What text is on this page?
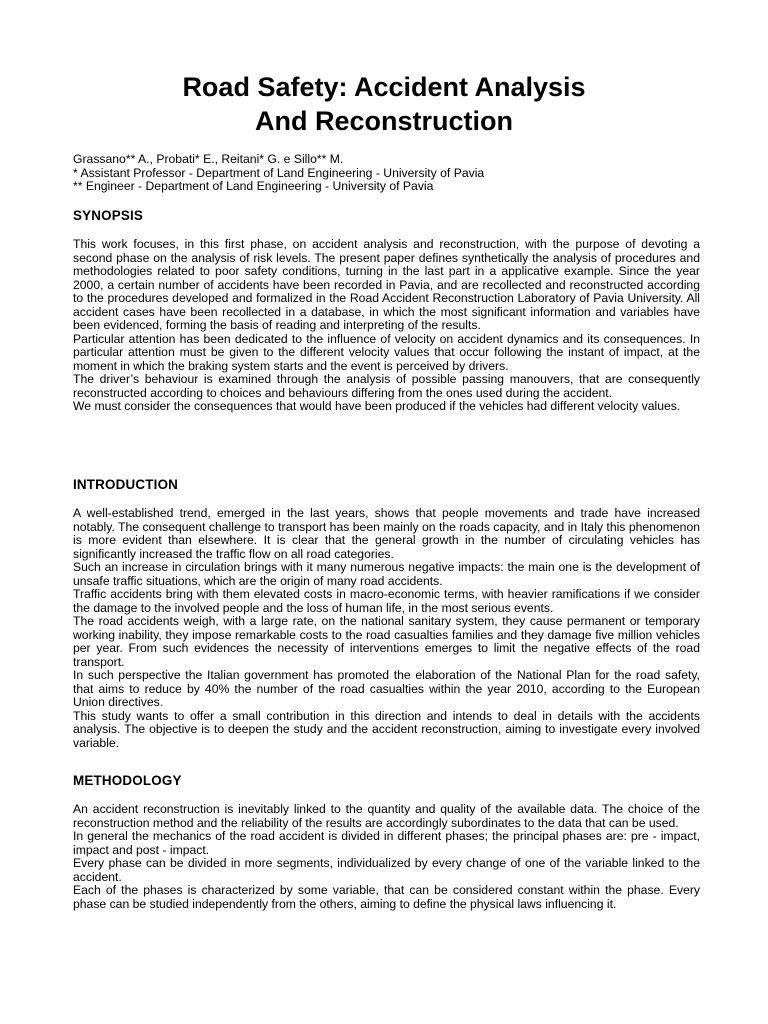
Road Safety: Accident Analysis
And Reconstruction
Grassano** A., Probati* E., Reitani* G. e Sillo** M.
* Assistant Professor - Department of Land Engineering - University of Pavia
** Engineer - Department of Land Engineering - University of Pavia
SYNOPSIS

This work focuses, in this first phase, on accident analysis and reconstruction, with the purpose of devoting a second phase on the analysis of risk levels. The present paper defines synthetically the analysis of procedures and methodologies related to poor safety conditions, turning in the last part in a applicative example. Since the year 2000, a certain number of accidents have been recorded in Pavia, and are recollected and reconstructed according to the procedures developed and formalized in the Road Accident Reconstruction Laboratory of Pavia University. All accident cases have been recollected in a database, in which the most significant information and variables have been evidenced, forming the basis of reading and interpreting of the results.

Particular attention has been dedicated to the influence of velocity on accident dynamics and its consequences. In particular attention must be given to the different velocity values that occur following the instant of impact, at the moment in which the braking system starts and the event is perceived by drivers.

The driver’s behaviour is examined through the analysis of possible passing manouvers, that are consequently reconstructed according to choices and behaviours differing from the ones used during the accident.

We must consider the consequences that would have been produced if the vehicles had different velocity values.

INTRODUCTION

A well-established trend, emerged in the last years, shows that people movements and trade have increased notably. The consequent challenge to transport has been mainly on the roads capacity, and in Italy this phenomenon is more evident than elsewhere. It is clear that the general growth in the number of circulating vehicles has significantly increased the traffic flow on all road categories.

Such an increase in circulation brings with it many numerous negative impacts: the main one is the development of unsafe traffic situations, which are the origin of many road accidents.

Traffic accidents bring with them elevated costs in macro-economic terms, with heavier ramifications if we consider the damage to the involved people and the loss of human life, in the most serious events.

The road accidents weigh, with a large rate, on the national sanitary system, they cause permanent or temporary working inability, they impose remarkable costs to the road casualties families and they damage five million vehicles per year. From such evidences the necessity of interventions emerges to limit the negative effects of the road transport.

In such perspective the Italian government has promoted the elaboration of the National Plan for the road safety, that aims to reduce by 40% the number of the road casualties within the year 2010, according to the European Union directives.

This study wants to offer a small contribution in this direction and intends to deal in details with the accidents analysis. The objective is to deepen the study and the accident reconstruction, aiming to investigate every involved variable.

METHODOLOGY

An accident reconstruction is inevitably linked to the quantity and quality of the available data. The choice of the reconstruction method and the reliability of the results are accordingly subordinates to the data that can be used.

In general the mechanics of the road accident is divided in different phases; the principal phases are: pre - impact, impact and post - impact.

Every phase can be divided in more segments, individualized by every change of one of the variable linked to the accident.

Each of the phases is characterized by some variable, that can be considered constant within the phase. Every phase can be studied independently from the others, aiming to define the physical laws influencing it.
